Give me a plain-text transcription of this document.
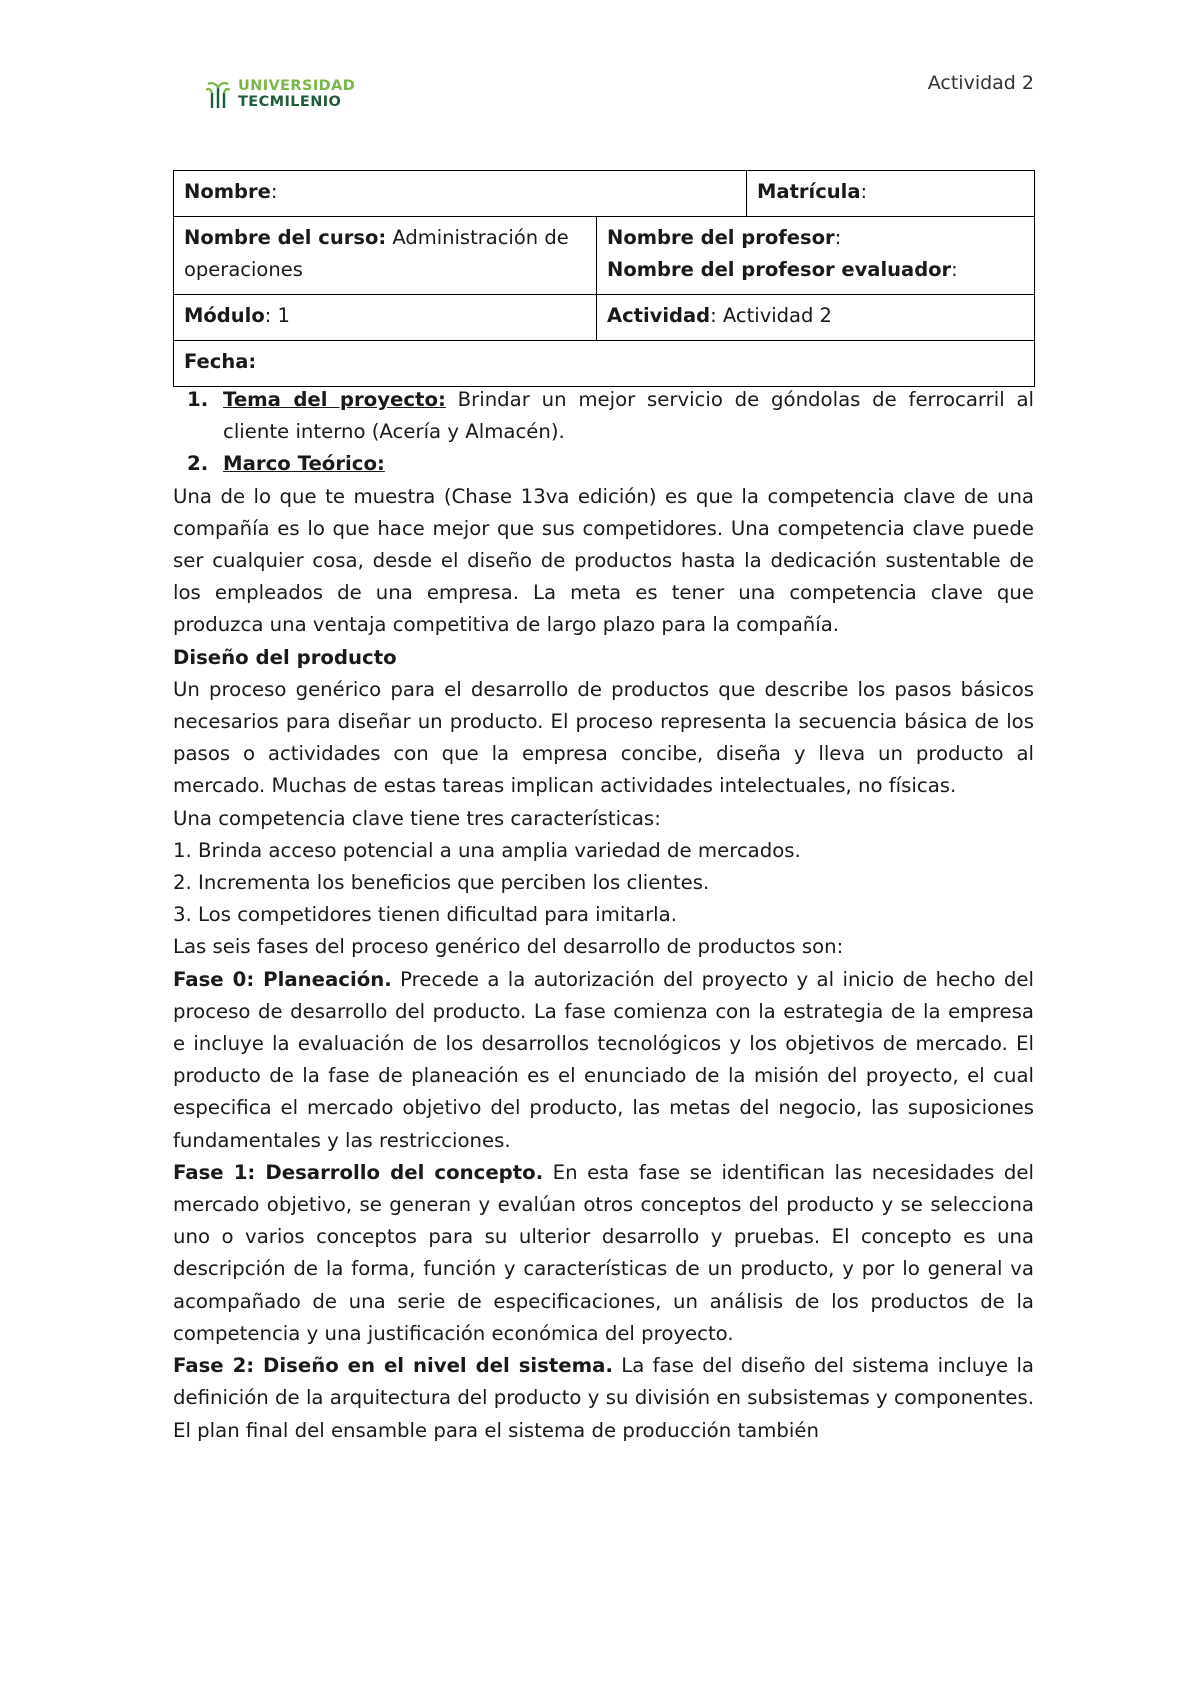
UNIVERSIDAD
TECMILENIO
Actividad 2
Nombre:		Matrícula:
Nombre del curso: Administración de operaciones	Nombre del profesor:
Nombre del profesor evaluador:	

Módulo: 1	Actividad: Actividad 2	
Fecha:		

1. Tema del proyecto: Brindar un mejor servicio de góndolas de ferrocarril al cliente interno (Acería y Almacén).

2. Marco Teórico:

Una de lo que te muestra (Chase 13va edición) es que la competencia clave de una compañía es lo que hace mejor que sus competidores. Una competencia clave puede ser cualquier cosa, desde el diseño de productos hasta la dedicación sustentable de los empleados de una empresa. La meta es tener una competencia clave que produzca una ventaja competitiva de largo plazo para la compañía.

Diseño del producto

Un proceso genérico para el desarrollo de productos que describe los pasos básicos necesarios para diseñar un producto. El proceso representa la secuencia básica de los pasos o actividades con que la empresa concibe, diseña y lleva un producto al mercado. Muchas de estas tareas implican actividades intelectuales, no físicas.

Una competencia clave tiene tres características:

1. Brinda acceso potencial a una amplia variedad de mercados.

2. Incrementa los beneficios que perciben los clientes.

3. Los competidores tienen dificultad para imitarla.

Las seis fases del proceso genérico del desarrollo de productos son:

Fase 0: Planeación. Precede a la autorización del proyecto y al inicio de hecho del proceso de desarrollo del producto. La fase comienza con la estrategia de la empresa e incluye la evaluación de los desarrollos tecnológicos y los objetivos de mercado. El producto de la fase de planeación es el enunciado de la misión del proyecto, el cual especifica el mercado objetivo del producto, las metas del negocio, las suposiciones fundamentales y las restricciones.

Fase 1: Desarrollo del concepto. En esta fase se identifican las necesidades del mercado objetivo, se generan y evalúan otros conceptos del producto y se selecciona uno o varios conceptos para su ulterior desarrollo y pruebas. El concepto es una descripción de la forma, función y características de un producto, y por lo general va acompañado de una serie de especificaciones, un análisis de los productos de la competencia y una justificación económica del proyecto.

Fase 2: Diseño en el nivel del sistema. La fase del diseño del sistema incluye la definición de la arquitectura del producto y su división en subsistemas y componentes. El plan final del ensamble para el sistema de producción también
